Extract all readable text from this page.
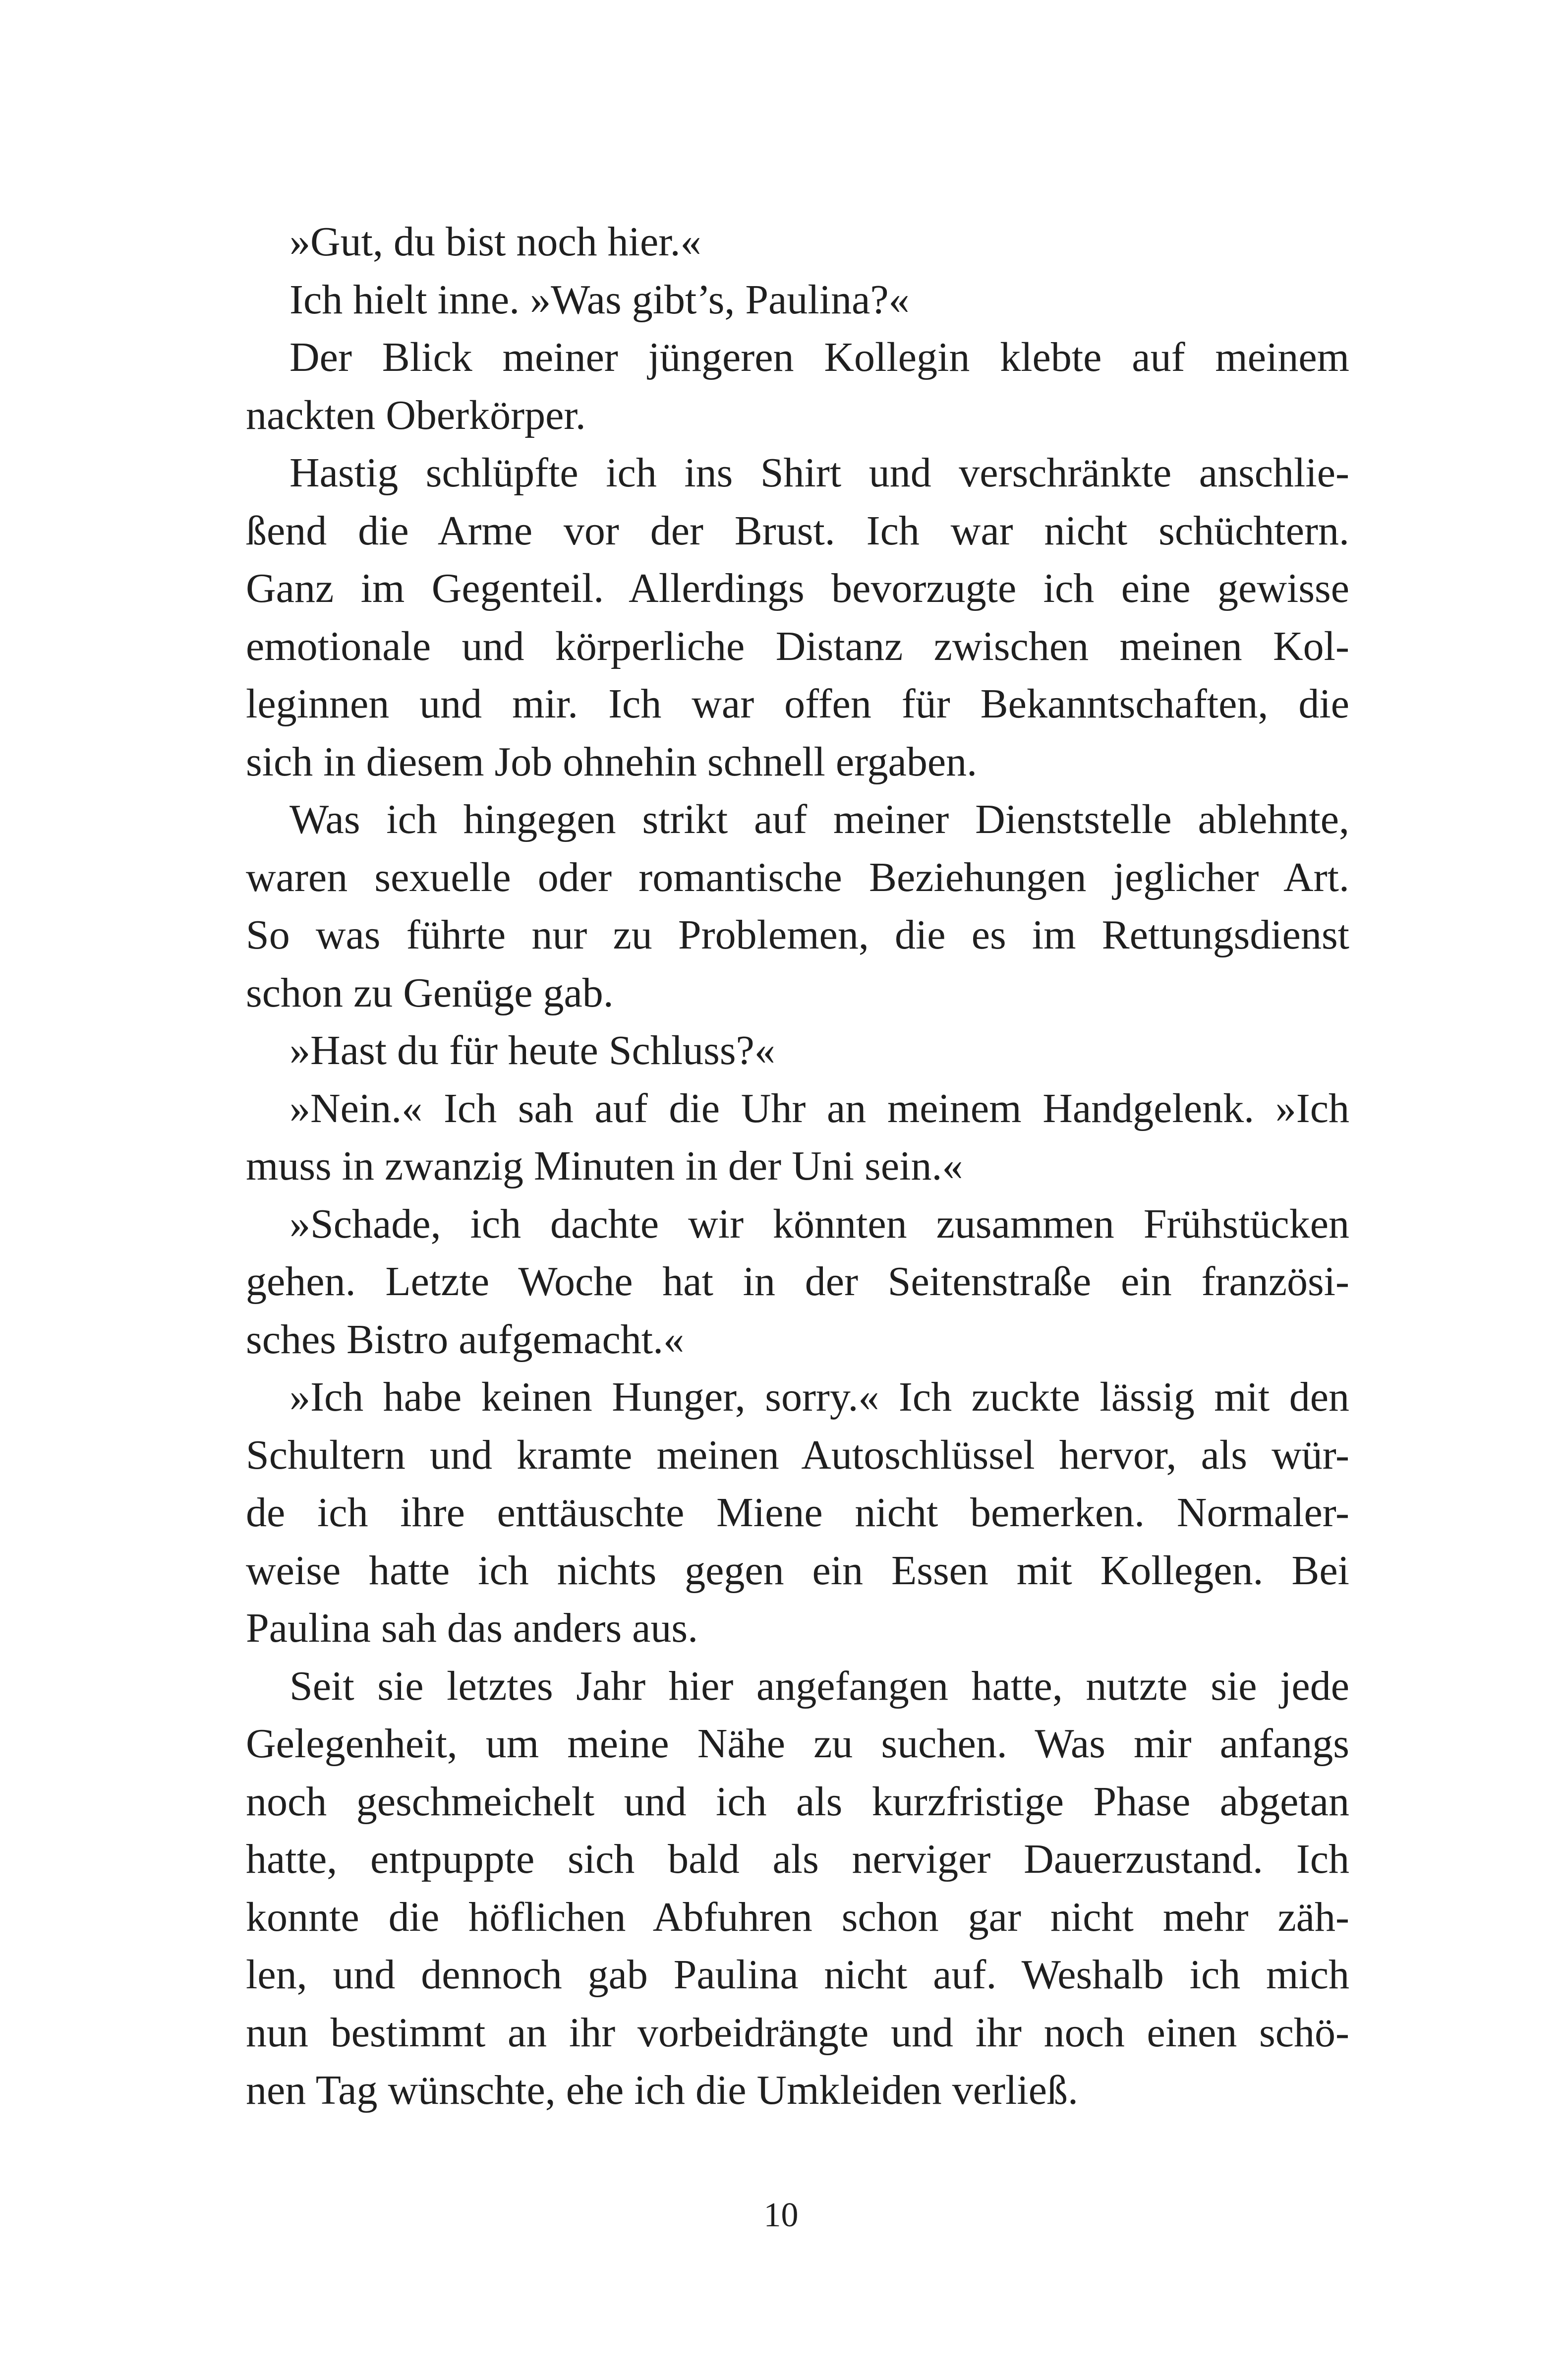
»Gut, du bist noch hier.«

Ich hielt inne. »Was gibt’s, Paulina?«

Der Blick meiner jüngeren Kollegin klebte auf meinem
nackten Oberkörper.

Hastig schlüpfte ich ins Shirt und verschränkte anschlie-
ßend die Arme vor der Brust. Ich war nicht schüchtern.
Ganz im Gegenteil. Allerdings bevorzugte ich eine gewisse
emotionale und körperliche Distanz zwischen meinen Kol-
leginnen und mir. Ich war offen für Bekanntschaften, die
sich in diesem Job ohnehin schnell ergaben.

Was ich hingegen strikt auf meiner Dienststelle ablehnte,
waren sexuelle oder romantische Beziehungen jeglicher Art.
So was führte nur zu Problemen, die es im Rettungsdienst
schon zu Genüge gab.

»Hast du für heute Schluss?«

»Nein.« Ich sah auf die Uhr an meinem Handgelenk. »Ich
muss in zwanzig Minuten in der Uni sein.«

»Schade, ich dachte wir könnten zusammen Frühstücken
gehen. Letzte Woche hat in der Seitenstraße ein französi-
sches Bistro aufgemacht.«

»Ich habe keinen Hunger, sorry.« Ich zuckte lässig mit den
Schultern und kramte meinen Autoschlüssel hervor, als wür-
de ich ihre enttäuschte Miene nicht bemerken. Normaler-
weise hatte ich nichts gegen ein Essen mit Kollegen. Bei
Paulina sah das anders aus.

Seit sie letztes Jahr hier angefangen hatte, nutzte sie jede
Gelegenheit, um meine Nähe zu suchen. Was mir anfangs
noch geschmeichelt und ich als kurzfristige Phase abgetan
hatte, entpuppte sich bald als nerviger Dauerzustand. Ich
konnte die höflichen Abfuhren schon gar nicht mehr zäh-
len, und dennoch gab Paulina nicht auf. Weshalb ich mich
nun bestimmt an ihr vorbeidrängte und ihr noch einen schö-
nen Tag wünschte, ehe ich die Umkleiden verließ.

10
